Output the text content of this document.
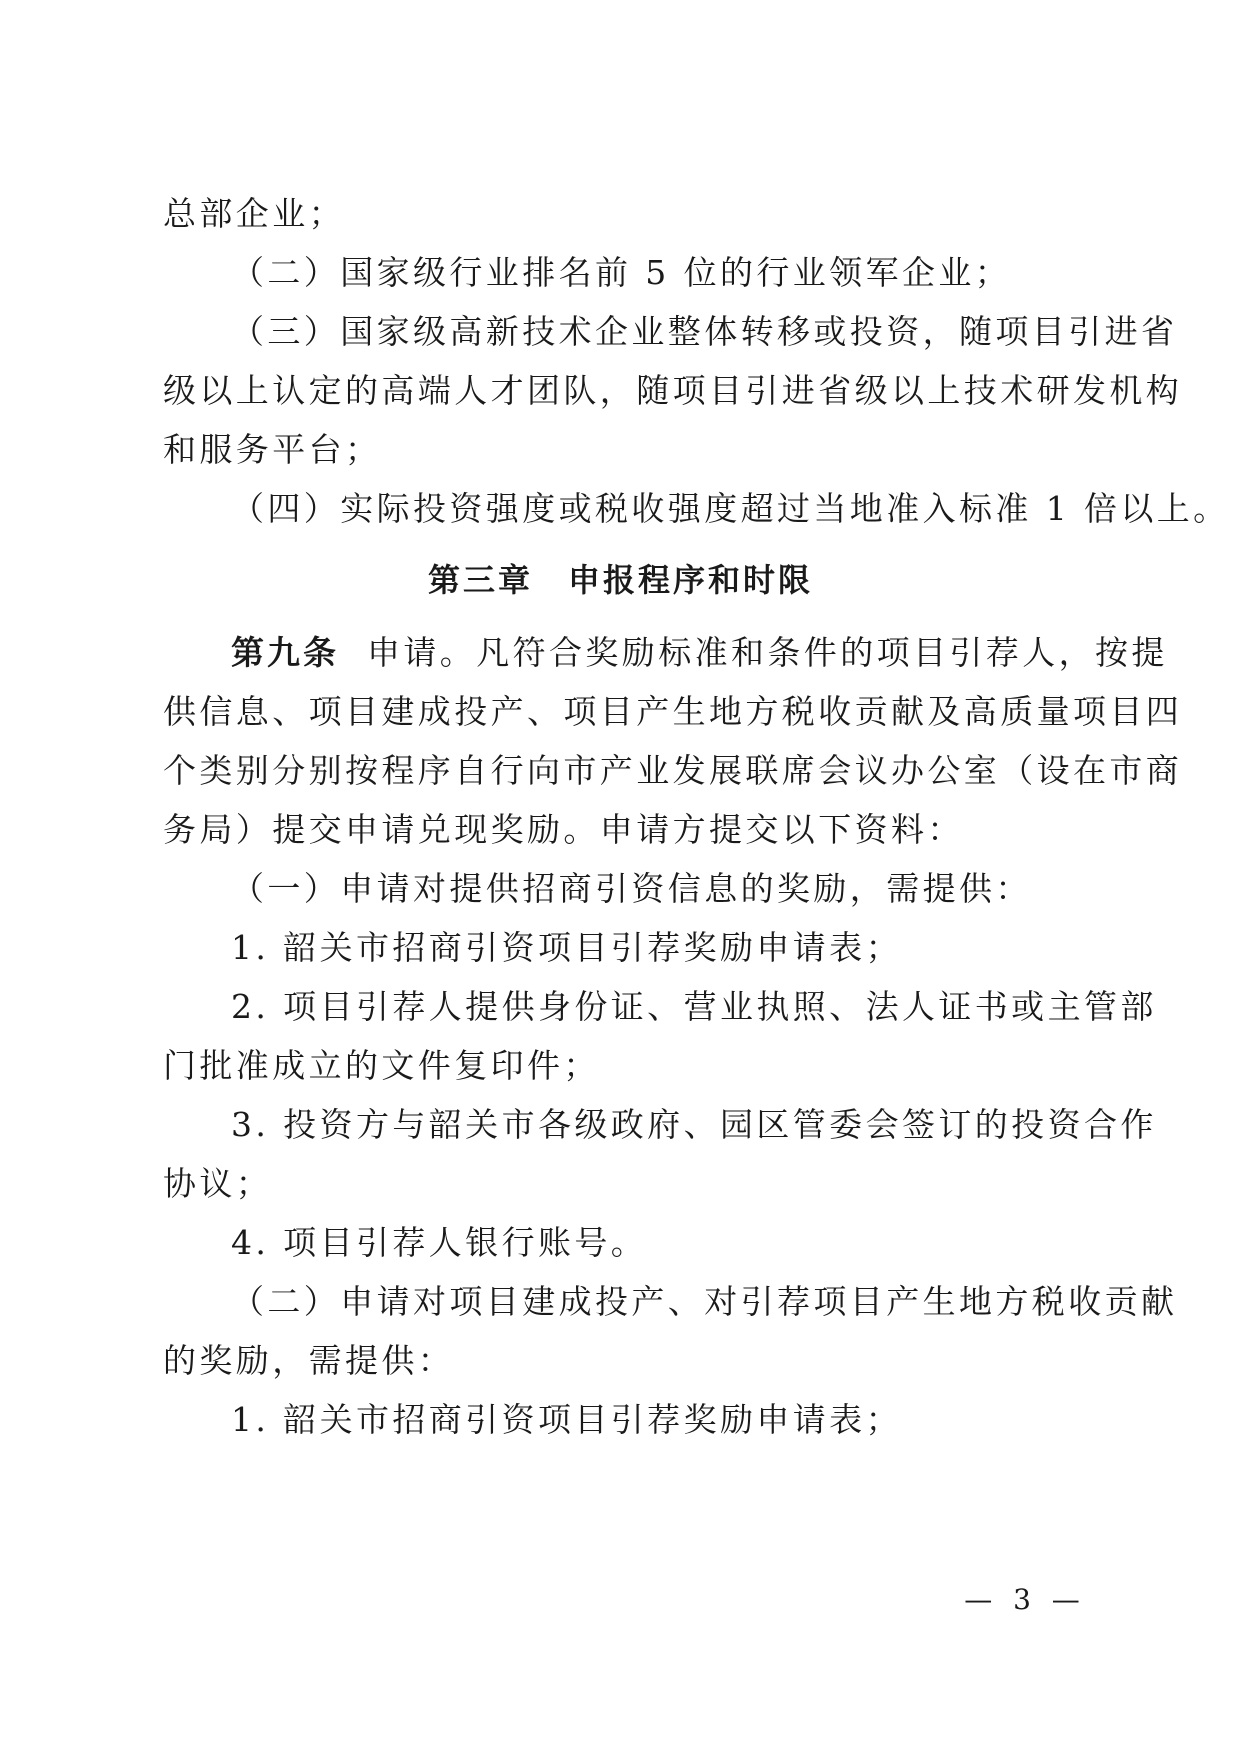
总部企业；
（二）国家级行业排名前 5 位的行业领军企业；
（三）国家级高新技术企业整体转移或投资，随项目引进省
级以上认定的高端人才团队，随项目引进省级以上技术研发机构
和服务平台；
（四）实际投资强度或税收强度超过当地准入标准 1 倍以上。
第三章　申报程序和时限
第九条 申请。凡符合奖励标准和条件的项目引荐人，按提
供信息、项目建成投产、项目产生地方税收贡献及高质量项目四
个类别分别按程序自行向市产业发展联席会议办公室（设在市商
务局）提交申请兑现奖励。申请方提交以下资料：
（一）申请对提供招商引资信息的奖励，需提供：
1. 韶关市招商引资项目引荐奖励申请表；
2. 项目引荐人提供身份证、营业执照、法人证书或主管部
门批准成立的文件复印件；
3. 投资方与韶关市各级政府、园区管委会签订的投资合作
协议；
4. 项目引荐人银行账号。
（二）申请对项目建成投产、对引荐项目产生地方税收贡献
的奖励，需提供：
1. 韶关市招商引资项目引荐奖励申请表；
— 3 —
